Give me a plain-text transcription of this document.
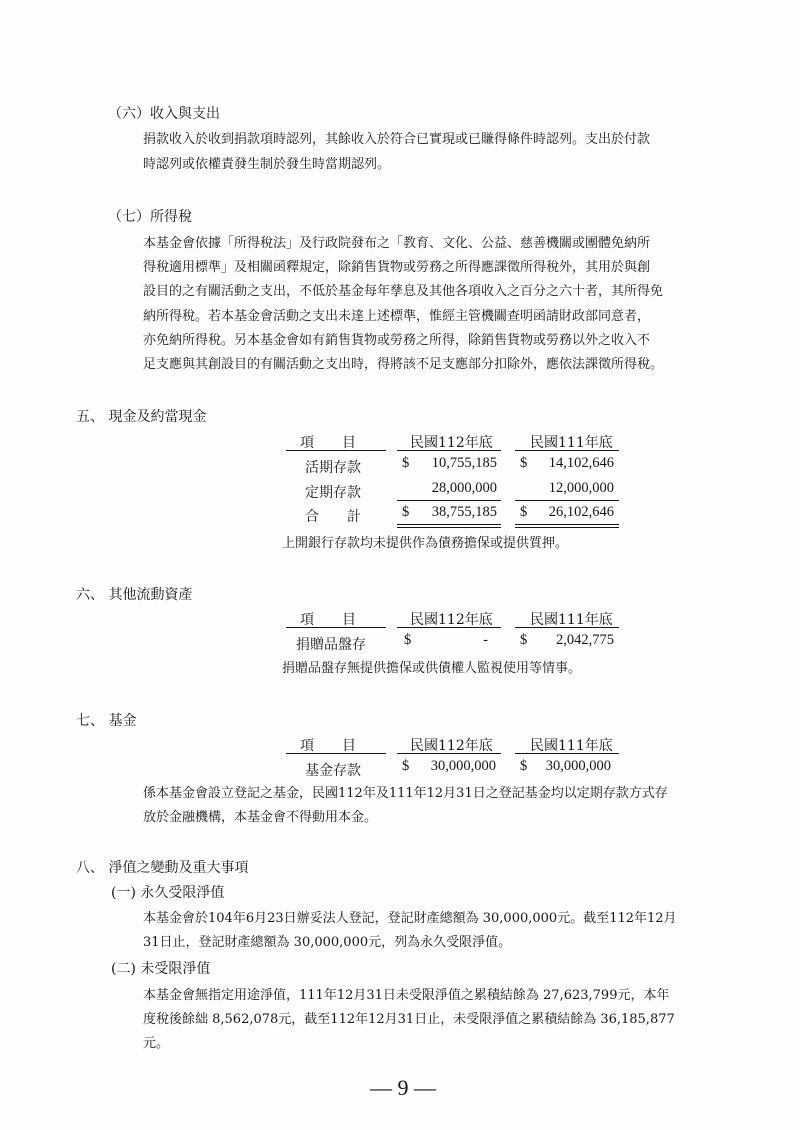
（六）收入與支出
捐款收入於收到捐款項時認列，其餘收入於符合已實現或已賺得條件時認列。支出於付款
時認列或依權責發生制於發生時當期認列。
（七）所得稅
本基金會依據「所得稅法」及行政院發布之「教育、文化、公益、慈善機關或團體免納所
得稅適用標準」及相關函釋規定，除銷售貨物或勞務之所得應課徵所得稅外，其用於與創
設目的之有關活動之支出，不低於基金每年孳息及其他各項收入之百分之六十者，其所得免
納所得稅。若本基金會活動之支出未達上述標準，惟經主管機關查明函請財政部同意者，
亦免納所得稅。另本基金會如有銷售貨物或勞務之所得，除銷售貨物或勞務以外之收入不
足支應與其創設目的有關活動之支出時，得將該不足支應部分扣除外，應依法課徵所得稅。
五、 現金及約當現金
項　　目	民國112年底	民國111年底
活期存款	$	10,755,185 $	14,102,646
定期存款	28,000,000	12,000,000
合　　計	$	38,755,185 $	26,102,646
上開銀行存款均未提供作為債務擔保或提供質押。
六、 其他流動資產
項　　目	民國112年底	民國111年底
捐贈品盤存	$	- $	2,042,775
捐贈品盤存無提供擔保或供債權人監視使用等情事。
七、 基金
項　　目	民國112年底	民國111年底
基金存款	$	30,000,000 $	30,000,000
係本基金會設立登記之基金，民國112年及111年12月31日之登記基金均以定期存款方式存
放於金融機構，本基金會不得動用本金。
八、 淨值之變動及重大事項
(一) 永久受限淨值
本基金會於104年6月23日辦妥法人登記，登記財產總額為 30,000,000元。截至112年12月
31日止，登記財產總額為 30,000,000元，列為永久受限淨值。
(二) 未受限淨值
本基金會無指定用途淨值，111年12月31日未受限淨值之累積結餘為 27,623,799元，本年
度稅後餘絀 8,562,078元，截至112年12月31日止，未受限淨值之累積結餘為 36,185,877
元。
— 9 —
